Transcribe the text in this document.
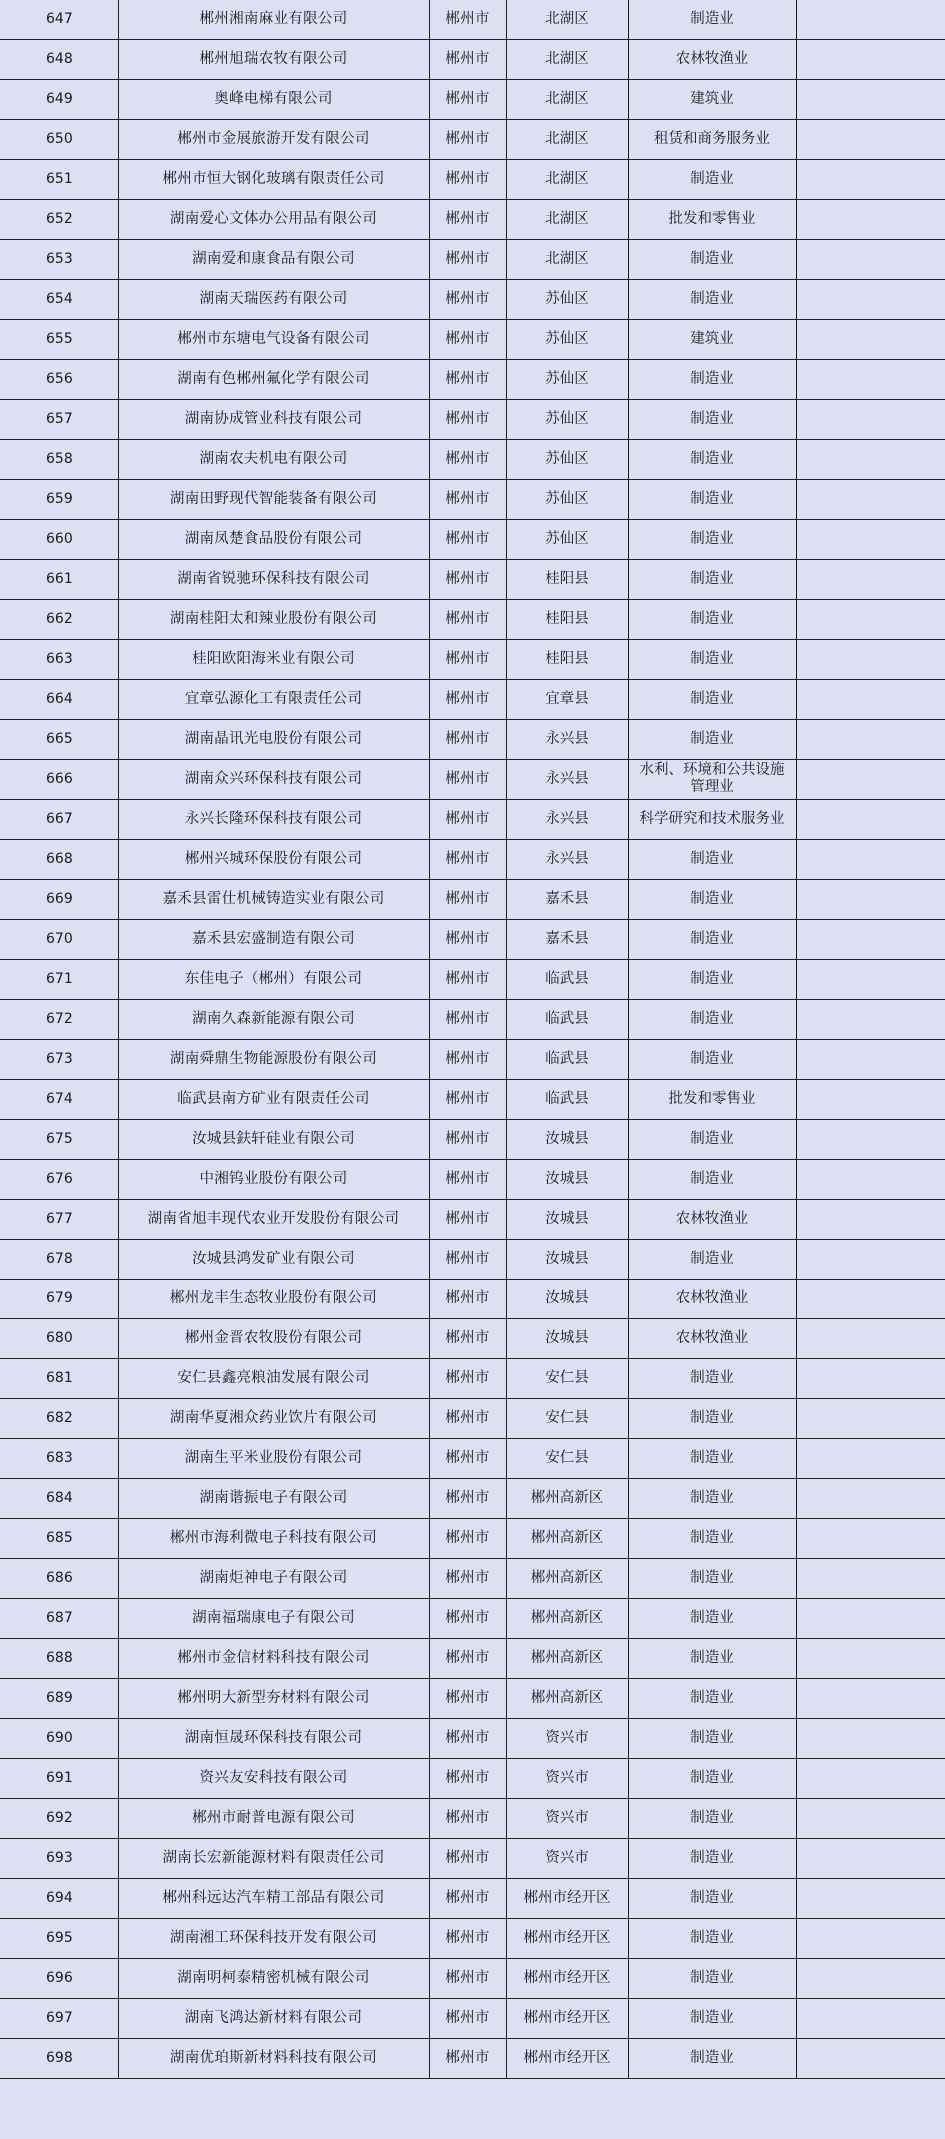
647	郴州湘南麻业有限公司	郴州市	北湖区	制造业	
648	郴州旭瑞农牧有限公司	郴州市	北湖区	农林牧渔业	
649	奥峰电梯有限公司	郴州市	北湖区	建筑业	
650	郴州市金展旅游开发有限公司	郴州市	北湖区	租赁和商务服务业	
651	郴州市恒大钢化玻璃有限责任公司	郴州市	北湖区	制造业	
652	湖南爱心文体办公用品有限公司	郴州市	北湖区	批发和零售业	
653	湖南爱和康食品有限公司	郴州市	北湖区	制造业	
654	湖南天瑞医药有限公司	郴州市	苏仙区	制造业	
655	郴州市东塘电气设备有限公司	郴州市	苏仙区	建筑业	
656	湖南有色郴州氟化学有限公司	郴州市	苏仙区	制造业	
657	湖南协成管业科技有限公司	郴州市	苏仙区	制造业	
658	湖南农夫机电有限公司	郴州市	苏仙区	制造业	
659	湖南田野现代智能装备有限公司	郴州市	苏仙区	制造业	
660	湖南凤楚食品股份有限公司	郴州市	苏仙区	制造业	
661	湖南省锐驰环保科技有限公司	郴州市	桂阳县	制造业	
662	湖南桂阳太和辣业股份有限公司	郴州市	桂阳县	制造业	
663	桂阳欧阳海米业有限公司	郴州市	桂阳县	制造业	
664	宜章弘源化工有限责任公司	郴州市	宜章县	制造业	
665	湖南晶讯光电股份有限公司	郴州市	永兴县	制造业	
666	湖南众兴环保科技有限公司	郴州市	永兴县	水利、环境和公共设施管理业	
667	永兴长隆环保科技有限公司	郴州市	永兴县	科学研究和技术服务业	
668	郴州兴城环保股份有限公司	郴州市	永兴县	制造业	
669	嘉禾县雷仕机械铸造实业有限公司	郴州市	嘉禾县	制造业	
670	嘉禾县宏盛制造有限公司	郴州市	嘉禾县	制造业	
671	东佳电子（郴州）有限公司	郴州市	临武县	制造业	
672	湖南久森新能源有限公司	郴州市	临武县	制造业	
673	湖南舜鼎生物能源股份有限公司	郴州市	临武县	制造业	
674	临武县南方矿业有限责任公司	郴州市	临武县	批发和零售业	
675	汝城县鈇轩硅业有限公司	郴州市	汝城县	制造业	
676	中湘钨业股份有限公司	郴州市	汝城县	制造业	
677	湖南省旭丰现代农业开发股份有限公司	郴州市	汝城县	农林牧渔业	
678	汝城县鸿发矿业有限公司	郴州市	汝城县	制造业	
679	郴州龙丰生态牧业股份有限公司	郴州市	汝城县	农林牧渔业	
680	郴州金晋农牧股份有限公司	郴州市	汝城县	农林牧渔业	
681	安仁县鑫亮粮油发展有限公司	郴州市	安仁县	制造业	
682	湖南华夏湘众药业饮片有限公司	郴州市	安仁县	制造业	
683	湖南生平米业股份有限公司	郴州市	安仁县	制造业	
684	湖南谐振电子有限公司	郴州市	郴州高新区	制造业	
685	郴州市海利微电子科技有限公司	郴州市	郴州高新区	制造业	
686	湖南炬神电子有限公司	郴州市	郴州高新区	制造业	
687	湖南福瑞康电子有限公司	郴州市	郴州高新区	制造业	
688	郴州市金信材料科技有限公司	郴州市	郴州高新区	制造业	
689	郴州明大新型夯材料有限公司	郴州市	郴州高新区	制造业	
690	湖南恒晟环保科技有限公司	郴州市	资兴市	制造业	
691	资兴友安科技有限公司	郴州市	资兴市	制造业	
692	郴州市耐普电源有限公司	郴州市	资兴市	制造业	
693	湖南长宏新能源材料有限责任公司	郴州市	资兴市	制造业	
694	郴州科远达汽车精工部品有限公司	郴州市	郴州市经开区	制造业	
695	湖南湘工环保科技开发有限公司	郴州市	郴州市经开区	制造业	
696	湖南明柯泰精密机械有限公司	郴州市	郴州市经开区	制造业	
697	湖南飞鸿达新材料有限公司	郴州市	郴州市经开区	制造业	
698	湖南优珀斯新材料科技有限公司	郴州市	郴州市经开区	制造业	
